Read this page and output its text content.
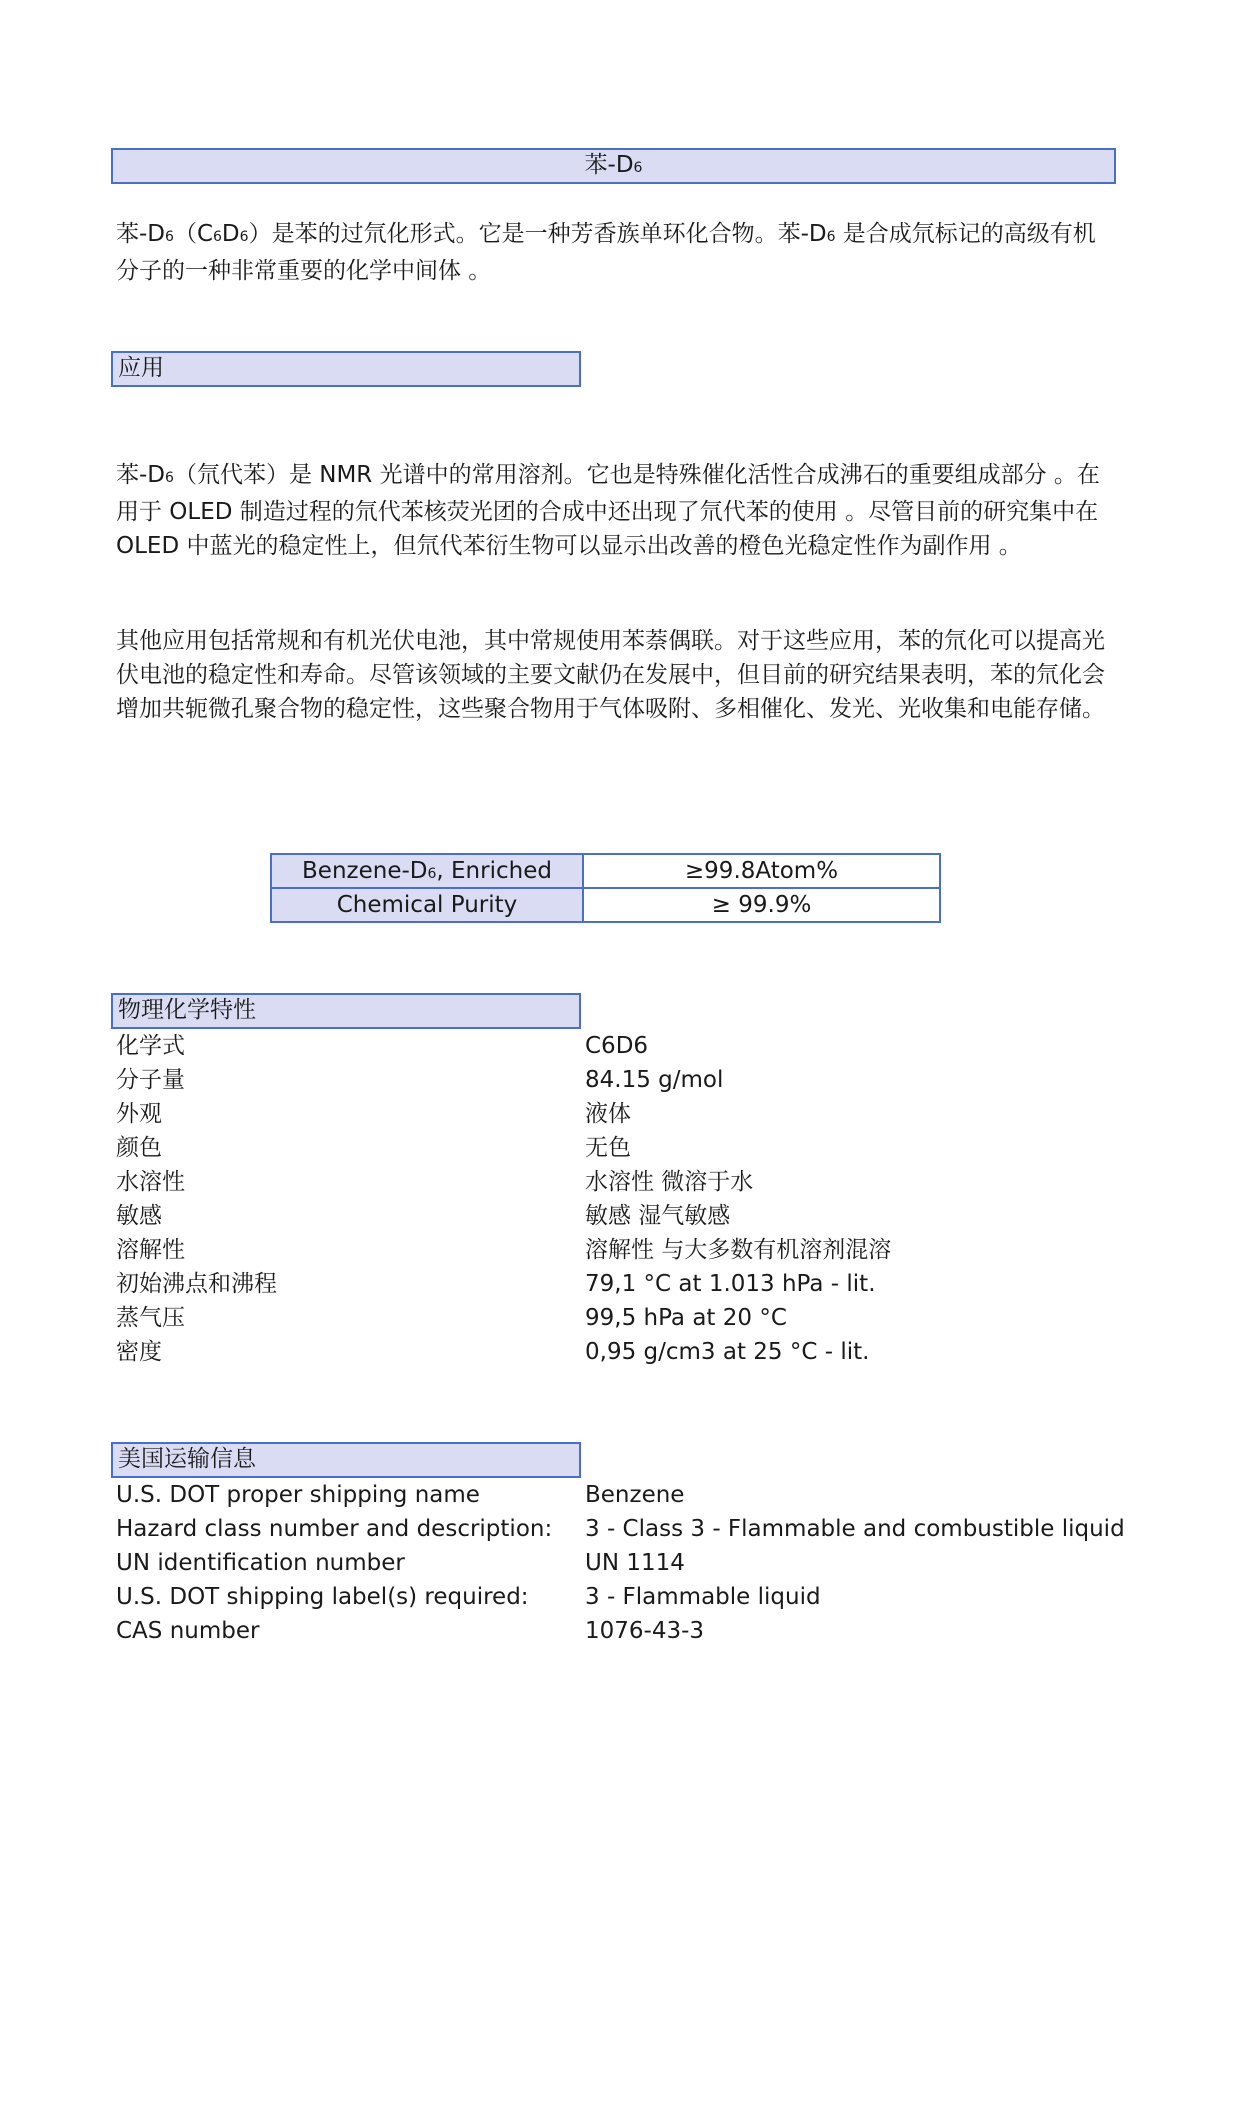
苯-D6

苯-D6（C6D6）是苯的过氘化形式。它是一种芳香族单环化合物。苯-D6 是合成氘标记的高级有机分子的一种非常重要的化学中间体 。

应用

苯-D6（氘代苯）是 NMR 光谱中的常用溶剂。它也是特殊催化活性合成沸石的重要组成部分 。在用于 OLED 制造过程的氘代苯核荧光团的合成中还出现了氘代苯的使用 。尽管目前的研究集中在 OLED 中蓝光的稳定性上，但氘代苯衍生物可以显示出改善的橙色光稳定性作为副作用 。

其他应用包括常规和有机光伏电池，其中常规使用苯萘偶联。对于这些应用，苯的氘化可以提高光伏电池的稳定性和寿命。尽管该领域的主要文献仍在发展中，但目前的研究结果表明，苯的氘化会增加共轭微孔聚合物的稳定性，这些聚合物用于气体吸附、多相催化、发光、光收集和电能存储。

Benzene-D6, Enriched	≥99.8Atom%
Chemical Purity	≥ 99.9%
物理化学特性
化学式	C6D6
分子量	84.15 g/mol
外观	液体
颜色	无色
水溶性	水溶性 微溶于水
敏感	敏感 湿气敏感
溶解性	溶解性 与大多数有机溶剂混溶
初始沸点和沸程	79,1 °C at 1.013 hPa - lit.
蒸气压	99,5 hPa at 20 °C
密度	0,95 g/cm3 at 25 °C - lit.
美国运输信息
U.S. DOT proper shipping name	Benzene
Hazard class number and description: 3 - Class 3 - Flammable and combustible liquid
UN identification number	UN 1114
U.S. DOT shipping label(s) required: 3 - Flammable liquid
CAS number	1076-43-3
